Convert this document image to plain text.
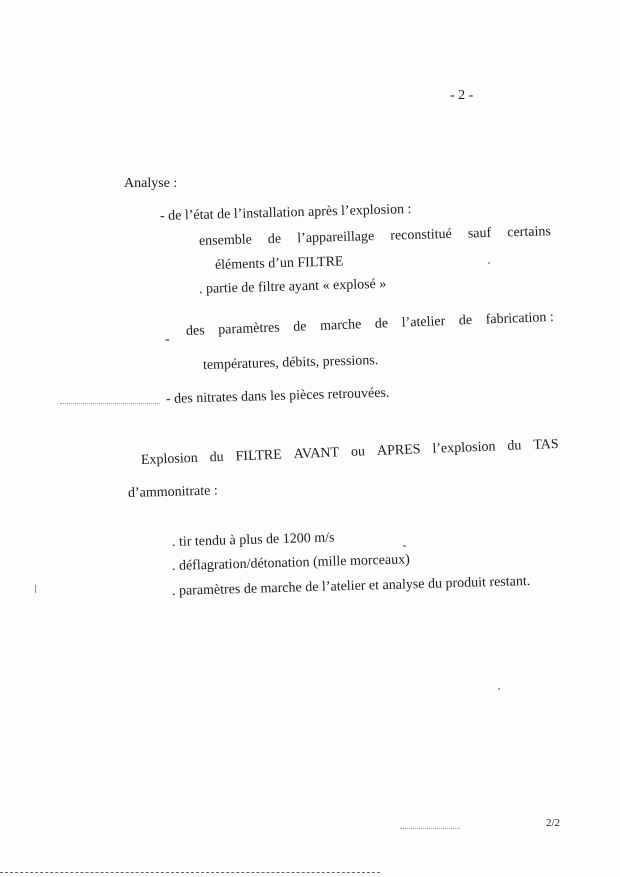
- 2 -
Analyse :
- de l’état de l’installation après l’explosion :
ensemble de l’appareillage reconstitué sauf certains
éléments d’un FILTRE
. partie de filtre ayant « explosé »
-
des paramètres de marche de l’atelier de fabrication :
températures, débits, pressions.
- des nitrates dans les pièces retrouvées.
Explosion du FILTRE AVANT ou APRES l’explosion du TAS
d’ammonitrate :
. tir tendu à plus de 1200 m/s
. déflagration/détonation (mille morceaux)
. paramètres de marche de l’atelier et analyse du produit restant.
2/2
